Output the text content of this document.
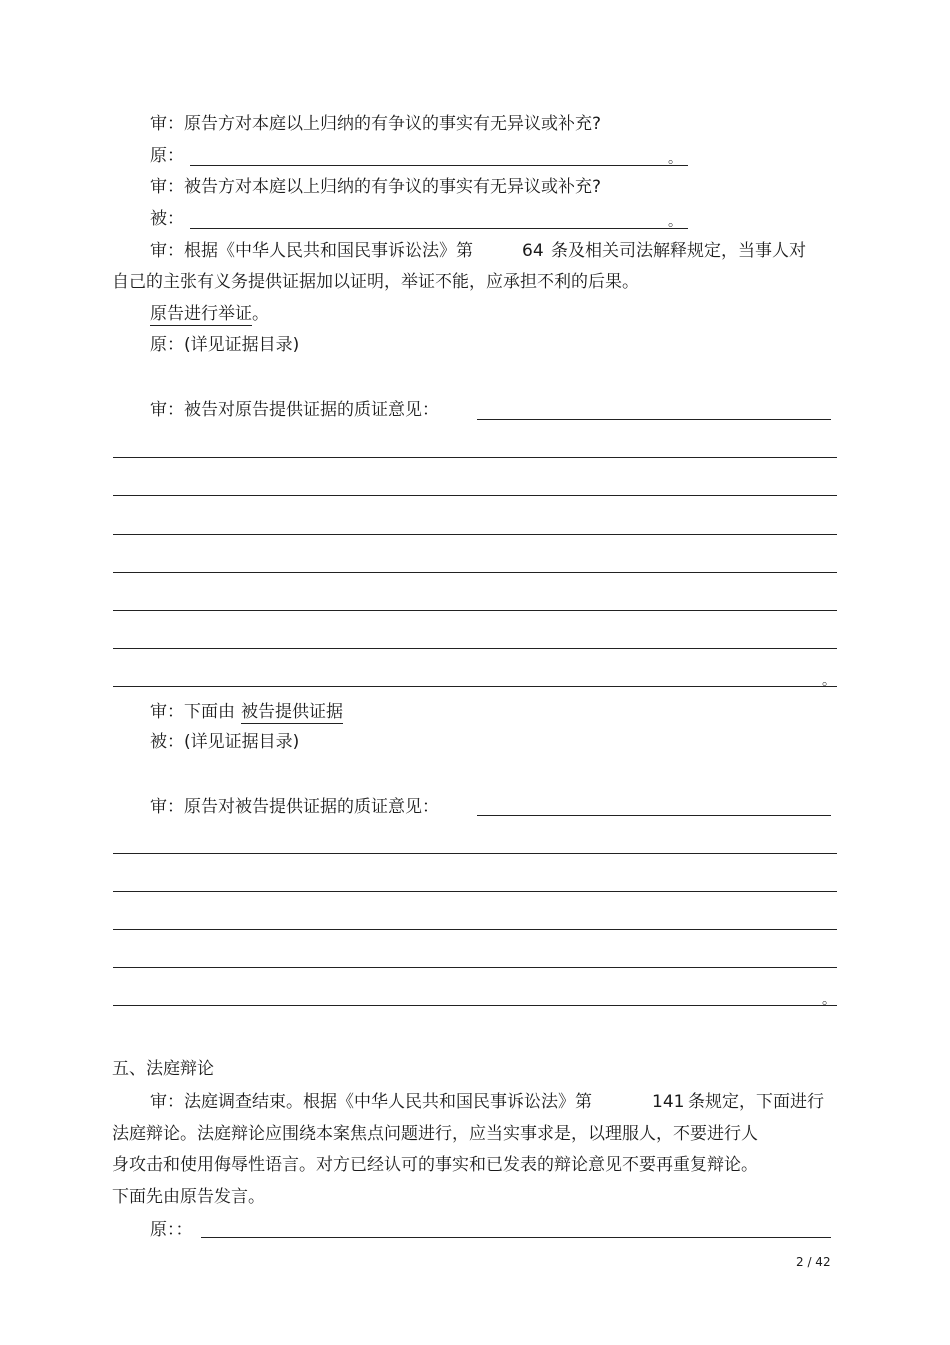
审：原告方对本庭以上归纳的有争议的事实有无异议或补充?
原：	。
审：被告方对本庭以上归纳的有争议的事实有无异议或补充?
被：	。
审：根据《中华人民共和国民事诉讼法》第	64 条及相关司法解释规定，当事人对
自己的主张有义务提供证据加以证明，举证不能，应承担不利的后果。
原告进行举证。
原：(详见证据目录)
审：被告对原告提供证据的质证意见：
。
审：下面由 被告提供证据
被：(详见证据目录)
审：原告对被告提供证据的质证意见：
。
五、法庭辩论
审：法庭调查结束。根据《中华人民共和国民事诉讼法》第	141 条规定，下面进行
法庭辩论。法庭辩论应围绕本案焦点问题进行，应当实事求是，以理服人，不要进行人
身攻击和使用侮辱性语言。对方已经认可的事实和已发表的辩论意见不要再重复辩论。
下面先由原告发言。
原：：
2 / 42
